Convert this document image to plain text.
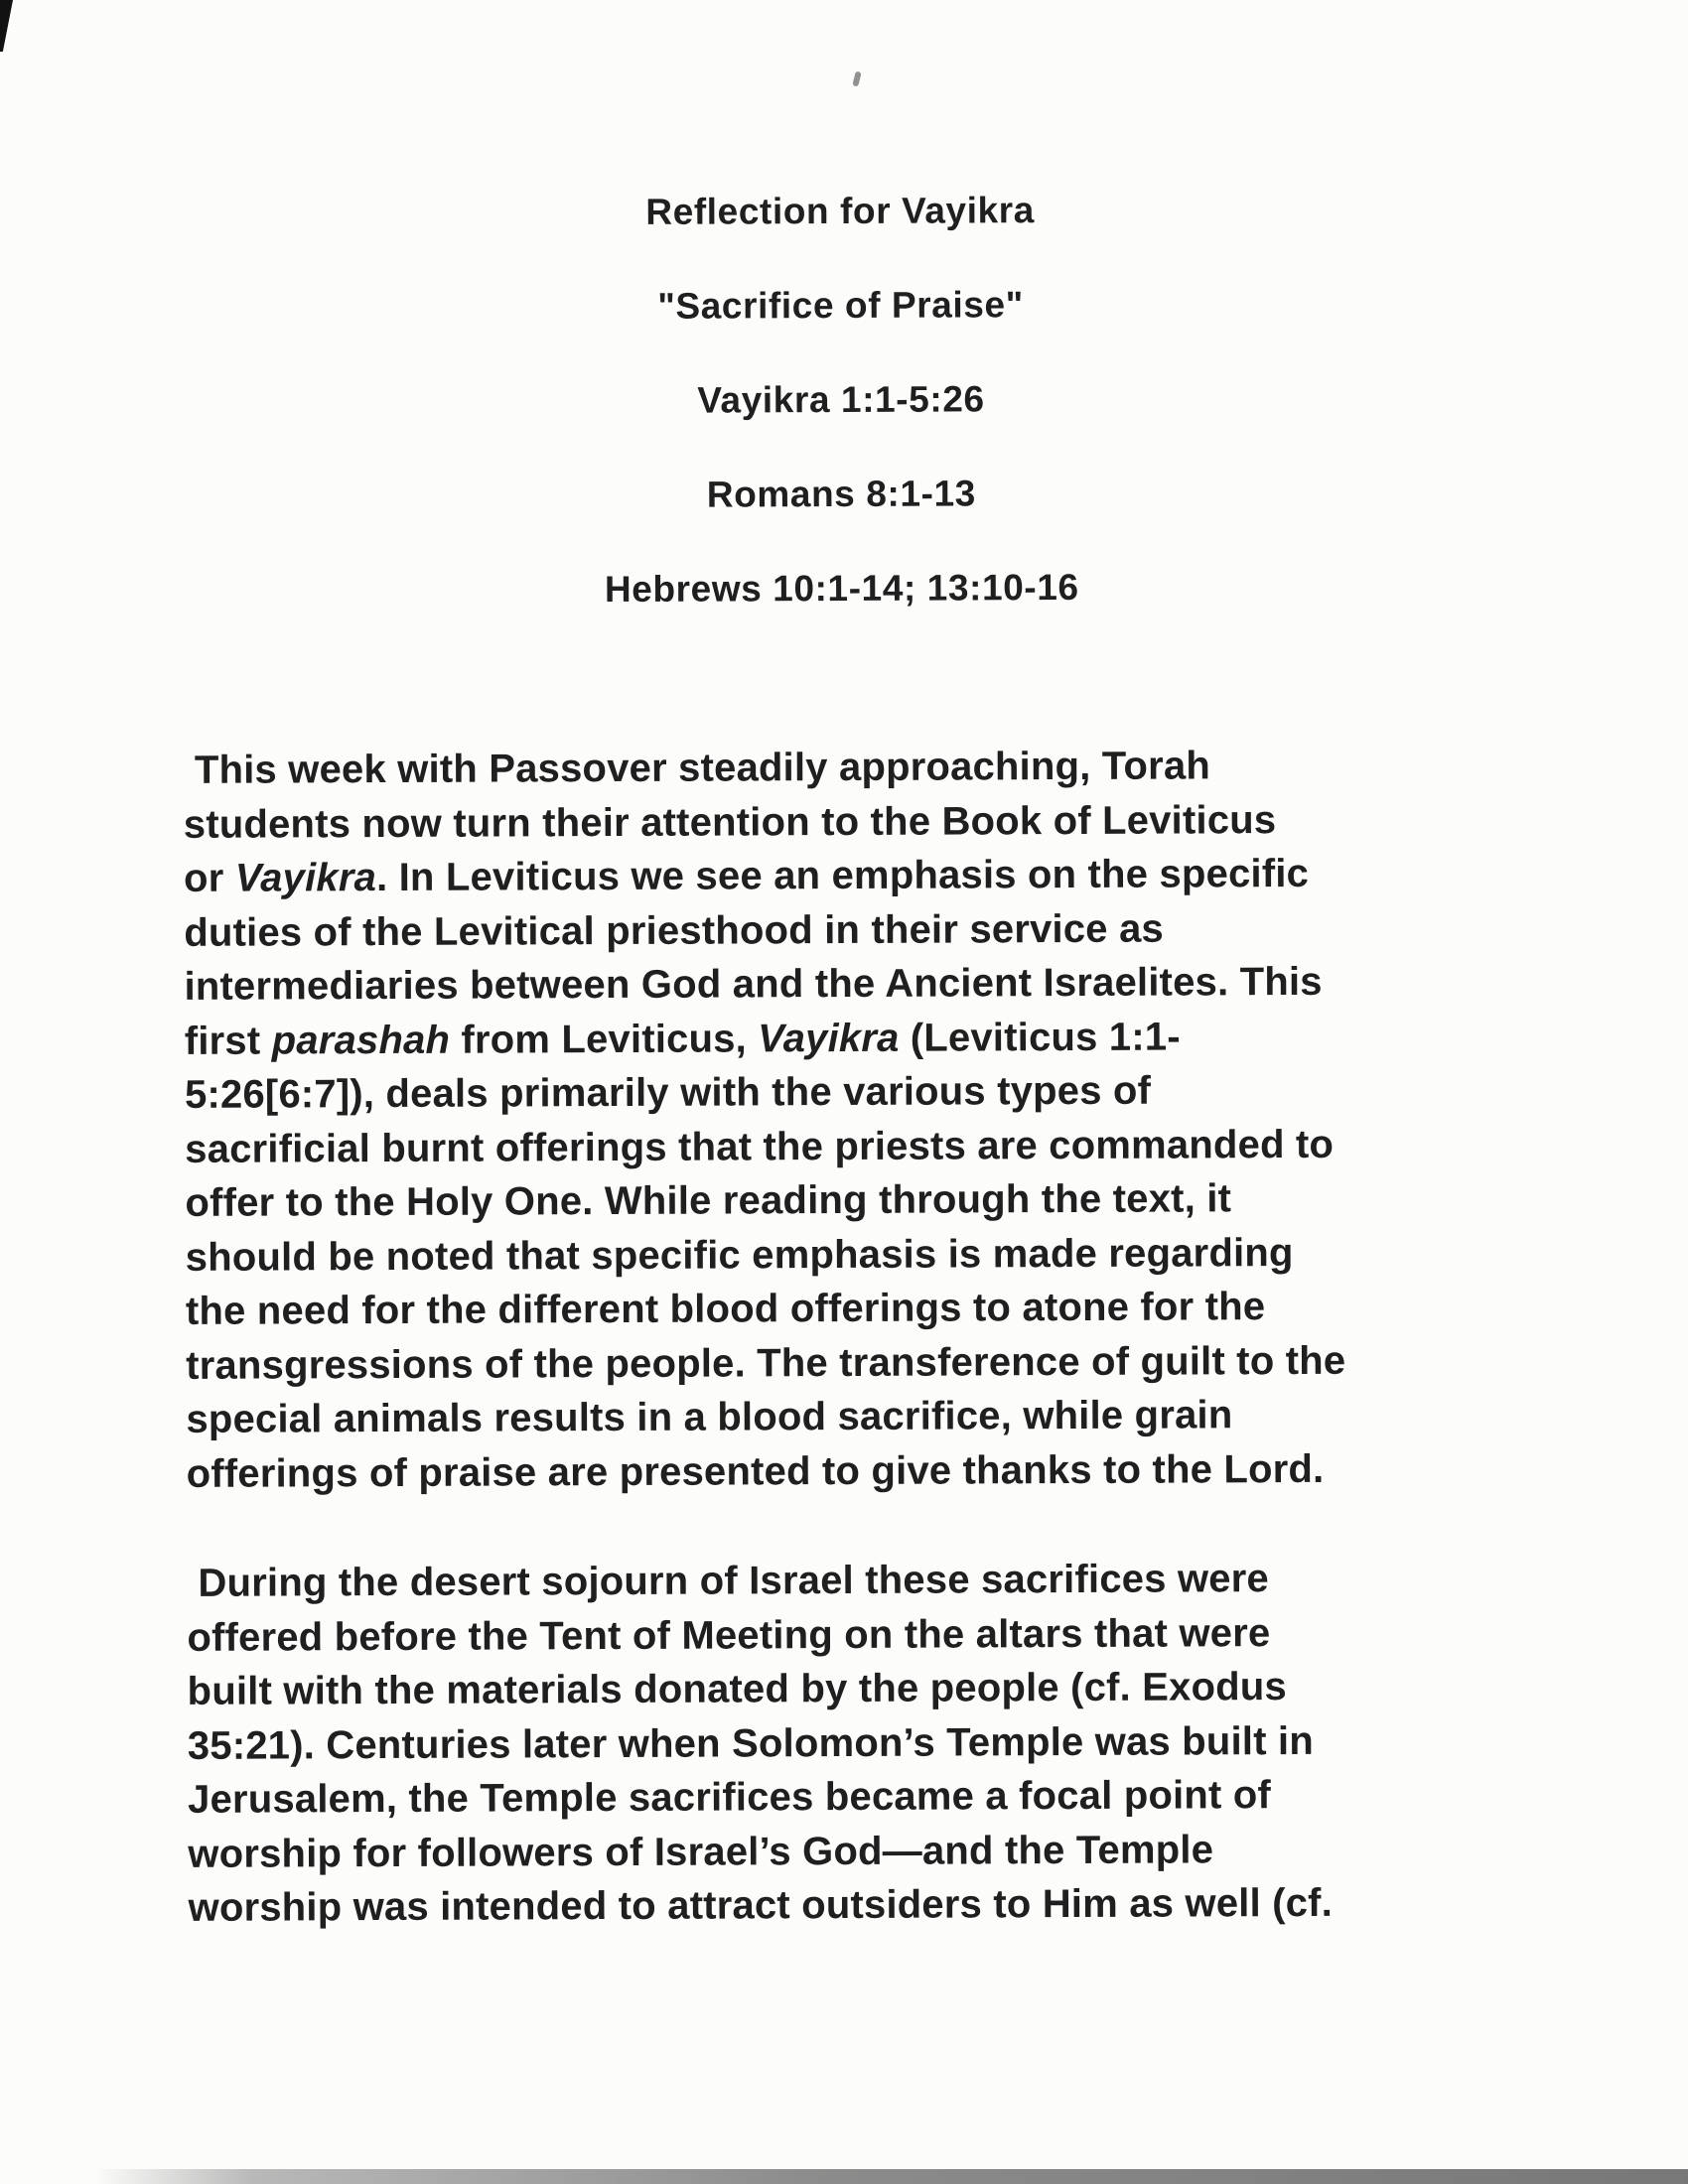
Reflection for Vayikra
"Sacrifice of Praise"
Vayikra 1:1-5:26
Romans 8:1-13
Hebrews 10:1-14; 13:10-16
This week with Passover steadily approaching, Torah
students now turn their attention to the Book of Leviticus
or Vayikra. In Leviticus we see an emphasis on the specific
duties of the Levitical priesthood in their service as
intermediaries between God and the Ancient Israelites. This
first parashah from Leviticus, Vayikra (Leviticus 1:1-
5:26[6:7]), deals primarily with the various types of
sacrificial burnt offerings that the priests are commanded to
offer to the Holy One. While reading through the text, it
should be noted that specific emphasis is made regarding
the need for the different blood offerings to atone for the
transgressions of the people. The transference of guilt to the
special animals results in a blood sacrifice, while grain
offerings of praise are presented to give thanks to the Lord.
During the desert sojourn of Israel these sacrifices were
offered before the Tent of Meeting on the altars that were
built with the materials donated by the people (cf. Exodus
35:21). Centuries later when Solomon’s Temple was built in
Jerusalem, the Temple sacrifices became a focal point of
worship for followers of Israel’s God—and the Temple
worship was intended to attract outsiders to Him as well (cf.
